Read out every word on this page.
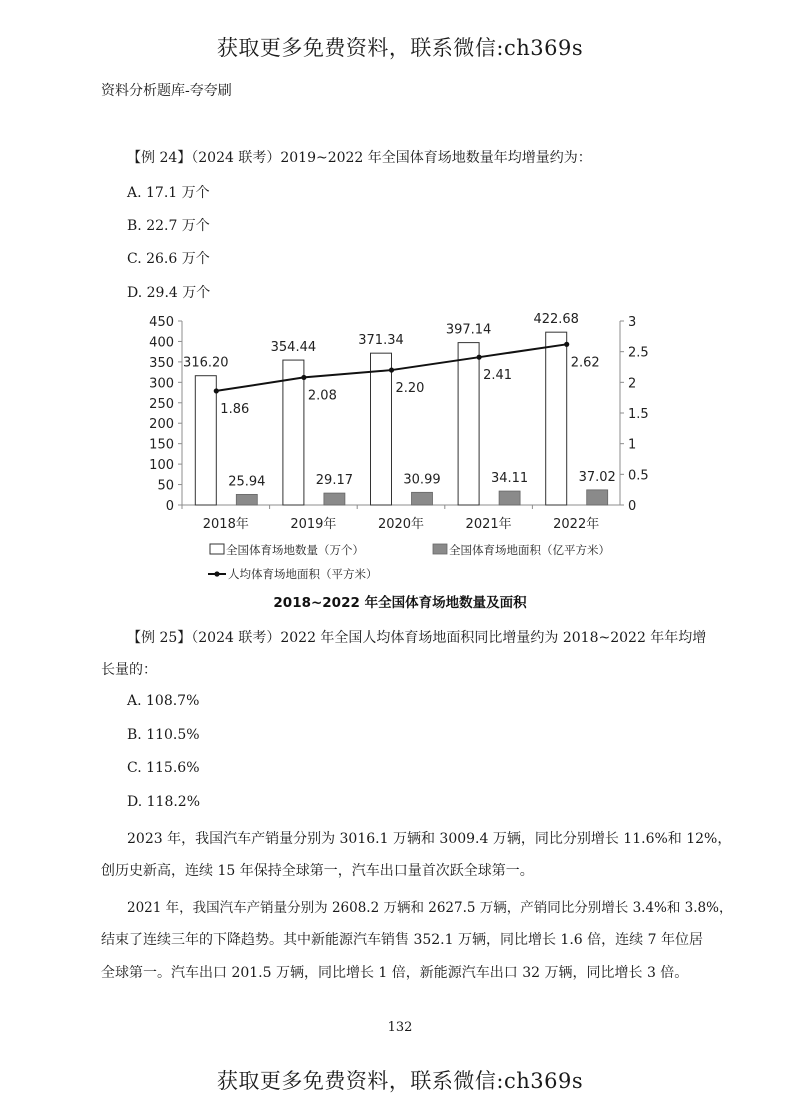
获取更多免费资料，联系微信:ch369s
资料分析题库-夸夸刷
【例 24】（2024 联考）2019~2022 年全国体育场地数量年均增量约为：
A. 17.1 万个
B. 22.7 万个
C. 26.6 万个
D. 29.4 万个
0
50
100
150
200
250
300
350
400
450
0
0.5
1
1.5
2
2.5
3
2018年	2019年	2020年	2021年	2022年
316.20
25.94
354.44
29.17
371.34
30.99
397.14
34.11
422.68
37.02
1.86
2.08	2.20
2.41
2.62
全国体育场地数量（万个）	全国体育场地面积（亿平方米）
人均体育场地面积（平方米）
2018~2022 年全国体育场地数量及面积
【例 25】（2024 联考）2022 年全国人均体育场地面积同比增量约为 2018~2022 年年均增
长量的：
A. 108.7%
B. 110.5%
C. 115.6%
D. 118.2%
2023 年，我国汽车产销量分别为 3016.1 万辆和 3009.4 万辆，同比分别增长 11.6%和 12%，
创历史新高，连续 15 年保持全球第一，汽车出口量首次跃全球第一。
2021 年，我国汽车产销量分别为 2608.2 万辆和 2627.5 万辆，产销同比分别增长 3.4%和 3.8%，
结束了连续三年的下降趋势。其中新能源汽车销售 352.1 万辆，同比增长 1.6 倍，连续 7 年位居
全球第一。汽车出口 201.5 万辆，同比增长 1 倍，新能源汽车出口 32 万辆，同比增长 3 倍。
132
获取更多免费资料，联系微信:ch369s
